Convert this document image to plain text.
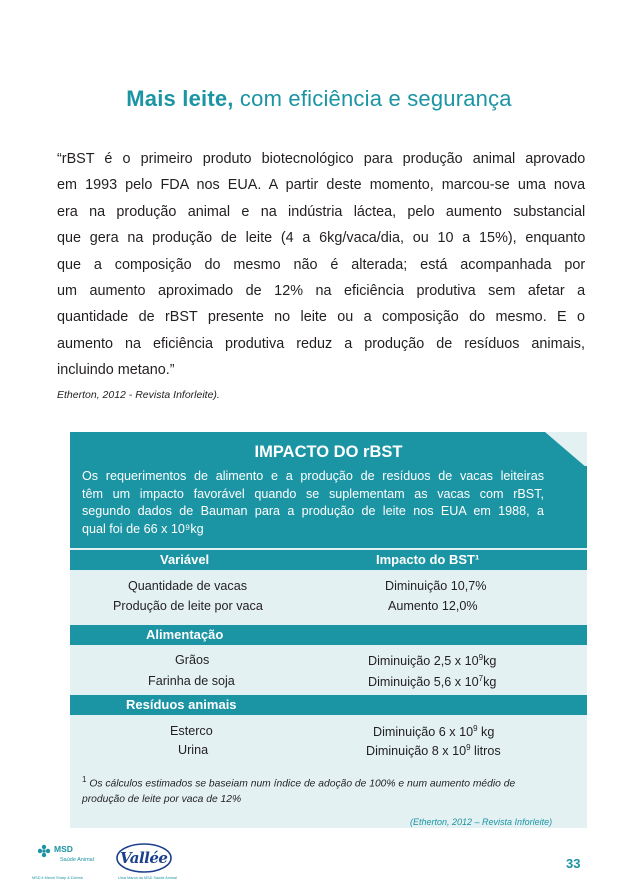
Mais leite, com eficiência e segurança

“rBST é o primeiro produto biotecnológico para produção animal aprovado

em 1993 pelo FDA nos EUA. A partir deste momento, marcou-se uma nova

era na produção animal e na indústria láctea, pelo aumento substancial

que gera na produção de leite (4 a 6kg/vaca/dia, ou 10 a 15%), enquanto

que a composição do mesmo não é alterada; está acompanhada por

um aumento aproximado de 12% na eficiência produtiva sem afetar a

quantidade de rBST presente no leite ou a composição do mesmo. E o

aumento na eficiência produtiva reduz a produção de resíduos animais,

incluindo metano.”

Etherton, 2012 - Revista Inforleite).
IMPACTO DO rBST
Os requerimentos de alimento e a produção de resíduos de vacas leiteiras
têm um impacto favorável quando se suplementam as vacas com rBST,
segundo dados de Bauman para a produção de leite nos EUA em 1988, a
qual foi de 66 x 10⁹kg
Variável	Impacto do BST¹
Quantidade de vacas	Diminuição 10,7%
Produção de leite por vaca	Aumento 12,0%
Alimentação
Grãos	Diminuição 2,5 x $10^9kg$
Farinha de soja	Diminuição 5,6 x $10^7kg$
Resíduos animais
Esterco	Diminuição 6 x $10^9$ kg
Urina	Diminuição 8 x $10^9$ litros
$^1$ Os cálculos estimados se baseiam num índice de adoção de 100% e num aumento médio de
produção de leite por vaca de 12%
(Etherton, 2012 – Revista Inforleite)
MSD
Saúde Animal
MSD é Merck Sharp & Dohme
Vallée
Uma Marca da MSD Saúde Animal
33
